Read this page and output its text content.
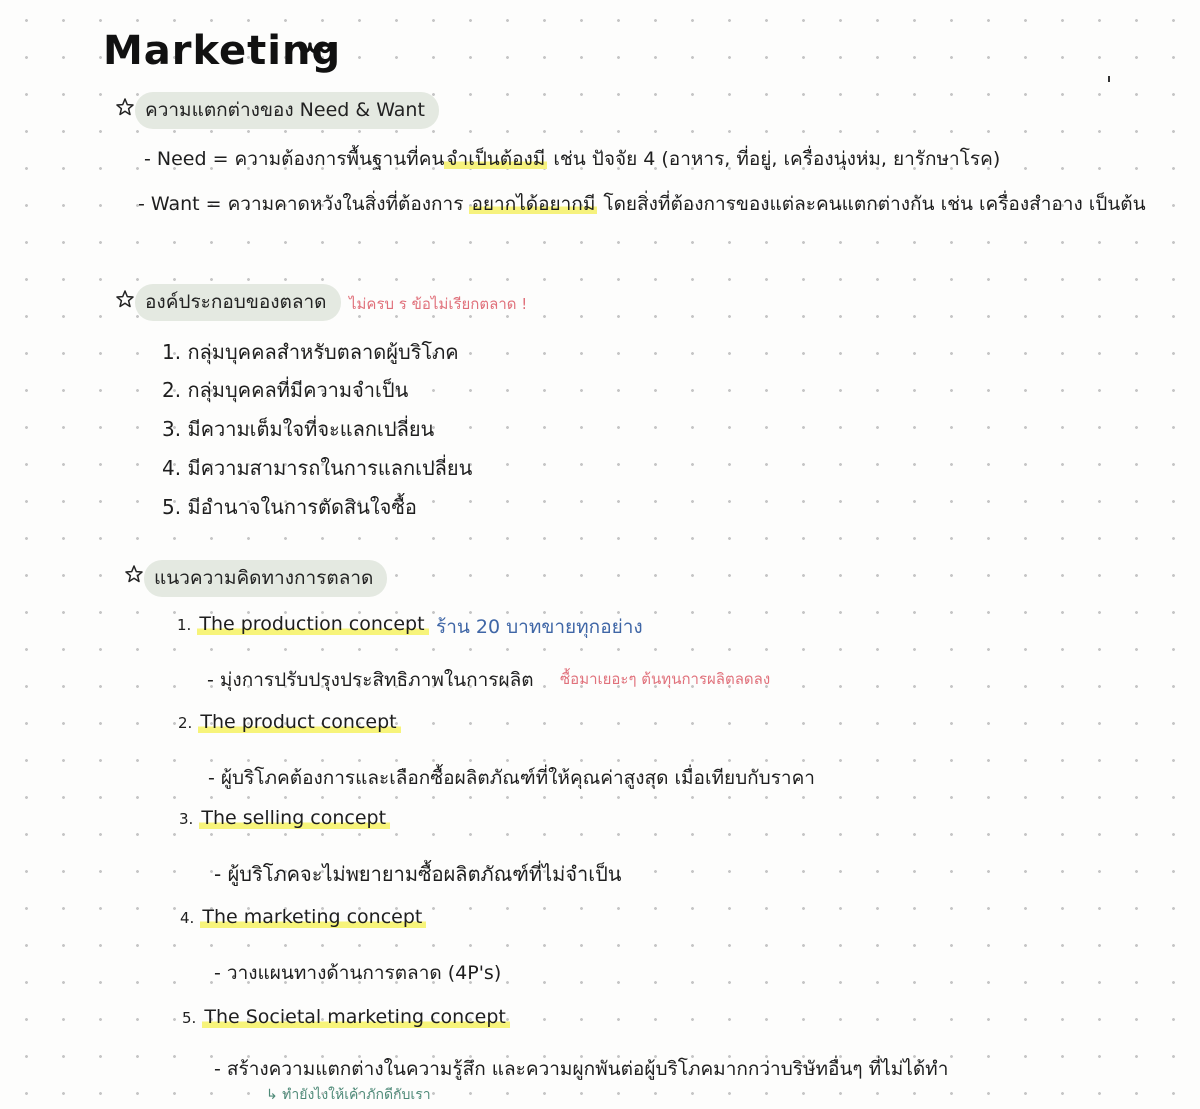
Marketing
ความแตกต่างของ Need & Want
- Need = ความต้องการพื้นฐานที่คน จำเป็นต้องมี เช่น ปัจจัย 4 (อาหาร, ที่อยู่, เครื่องนุ่งห่ม, ยารักษาโรค)
- Want = ความคาดหวังในสิ่งที่ต้องการ อยากได้อยากมี โดยสิ่งที่ต้องการของแต่ละคนแตกต่างกัน เช่น เครื่องสำอาง เป็นต้น
องค์ประกอบของตลาด	ไม่ครบ ร ข้อไม่เรียกตลาด !
1. กลุ่มบุคคลสำหรับตลาดผู้บริโภค
2. กลุ่มบุคคลที่มีความจำเป็น
3. มีความเต็มใจที่จะแลกเปลี่ยน
4. มีความสามารถในการแลกเปลี่ยน
5. มีอำนาจในการตัดสินใจซื้อ
แนวความคิดทางการตลาด
1. The production concept ร้าน 20 บาทขายทุกอย่าง
- มุ่งการปรับปรุงประสิทธิภาพในการผลิต ซื้อมาเยอะๆ ต้นทุนการผลิตลดลง
2. The product concept
- ผู้บริโภคต้องการและเลือกซื้อผลิตภัณฑ์ที่ให้คุณค่าสูงสุด เมื่อเทียบกับราคา
3. The selling concept
- ผู้บริโภคจะไม่พยายามซื้อผลิตภัณฑ์ที่ไม่จำเป็น
4. The marketing concept
- วางแผนทางด้านการตลาด (4P's)
5. The Societal marketing concept
- สร้างความแตกต่างในความรู้สึก และความผูกพันต่อผู้บริโภคมากกว่าบริษัทอื่นๆ ที่ไม่ได้ทำ
↳ ทำยังไงให้เค้าภักดีกับเรา
